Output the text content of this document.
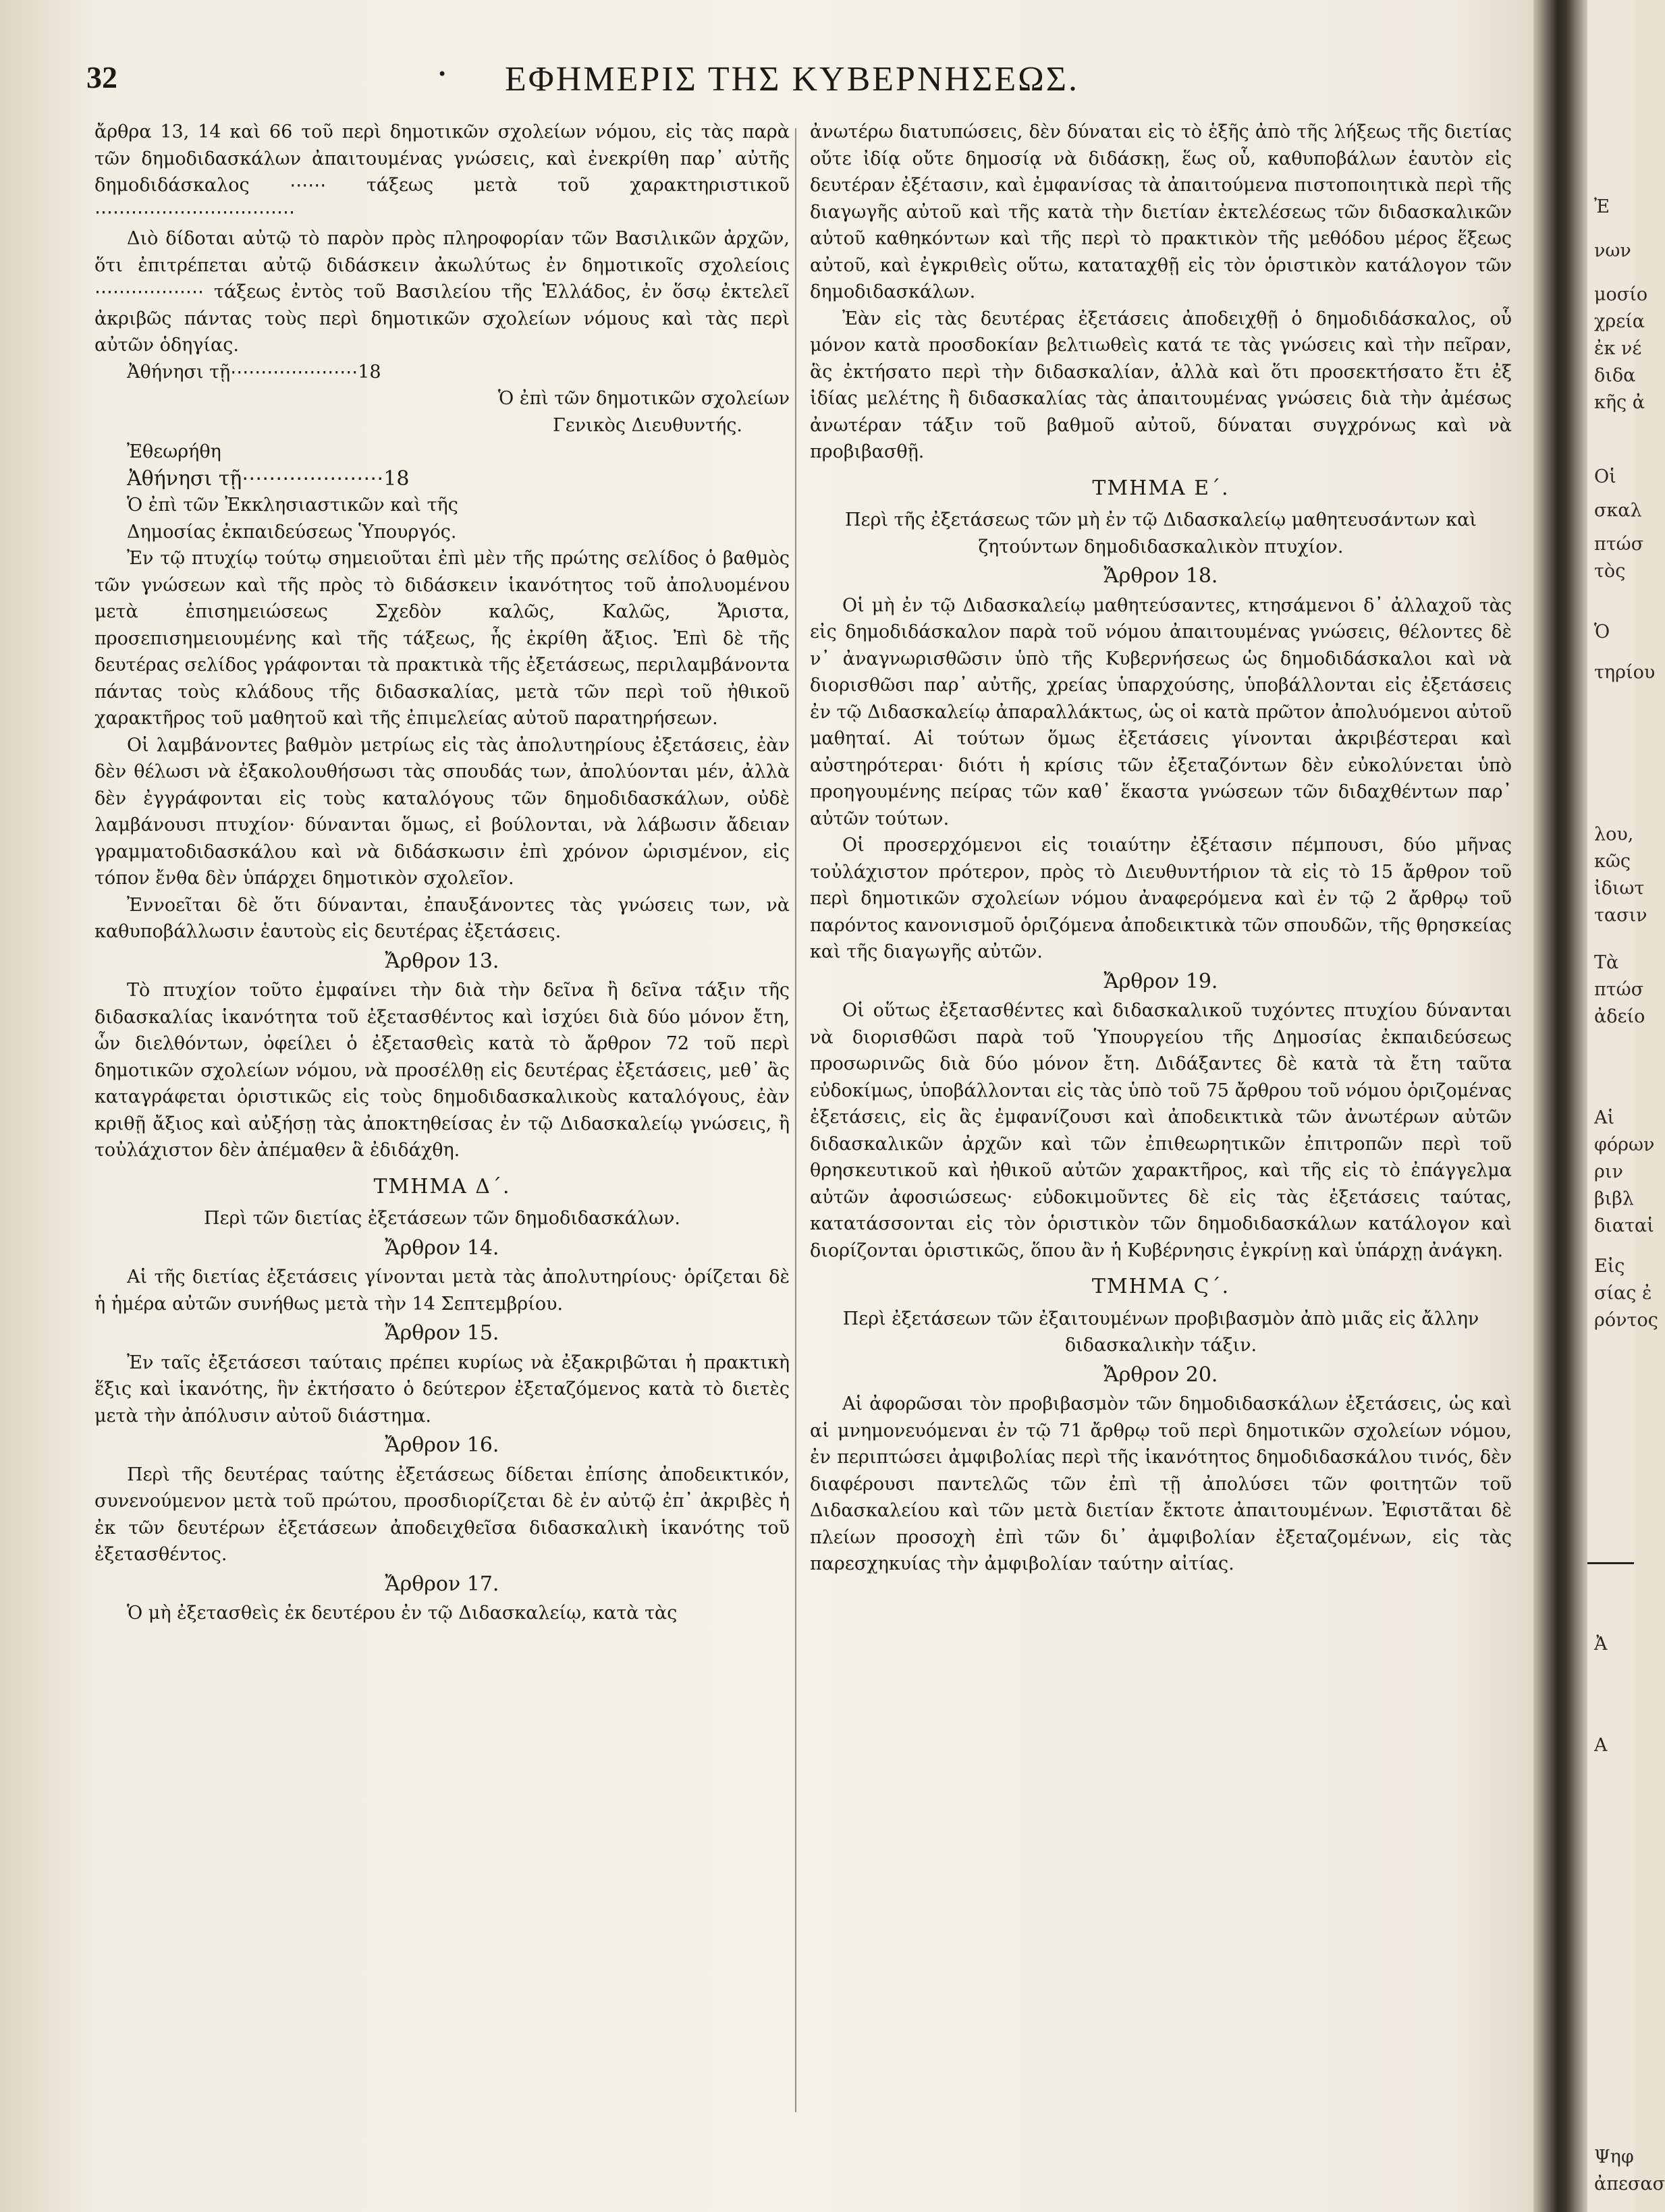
32	• ΕΦΗΜΕΡΙΣ ΤΗΣ ΚΥΒΕΡΝΗΣΕΩΣ.

ἄρθρα 13, 14 καὶ 66 τοῦ περὶ δημοτικῶν σχολείων νόμου, εἰς τὰς παρὰ τῶν δημοδιδασκάλων ἀπαιτουμένας γνώσεις, καὶ ἐνεκρίθη παρ᾽ αὐτῆς δημοδιδάσκαλος ⋯⋯ τάξεως μετὰ τοῦ χαρακτηριστικοῦ ⋯⋯⋯⋯⋯⋯⋯⋯⋯⋯⋯

Διὸ δίδοται αὐτῷ τὸ παρὸν πρὸς πληροφορίαν τῶν Βασιλικῶν ἀρχῶν, ὅτι ἐπιτρέπεται αὐτῷ διδάσκειν ἀκωλύτως ἐν δημοτικοῖς σχολείοις ⋯⋯⋯⋯⋯⋯ τάξεως ἐντὸς τοῦ Βασιλείου τῆς Ἑλλάδος, ἐν ὅσῳ ἐκτελεῖ ἀκριβῶς πάντας τοὺς περὶ δημοτικῶν σχολείων νόμους καὶ τὰς περὶ αὐτῶν ὁδηγίας.

Ἀθήνησι τῇ⋯⋯⋯⋯⋯⋯⋯18

Ὁ ἐπὶ τῶν δημοτικῶν σχολείων

Γενικὸς Διευθυντής.

Ἐθεωρήθη

Ἀθήνησι τῇ⋯⋯⋯⋯⋯⋯⋯18

Ὁ ἐπὶ τῶν Ἐκκλησιαστικῶν καὶ τῆς

Δημοσίας ἐκπαιδεύσεως Ὑπουργός.

Ἐν τῷ πτυχίῳ τούτῳ σημειοῦται ἐπὶ μὲν τῆς πρώτης σελίδος ὁ βαθμὸς τῶν γνώσεων καὶ τῆς πρὸς τὸ διδάσκειν ἱκανότητος τοῦ ἀπολυομένου μετὰ ἐπισημειώσεως Σχεδὸν καλῶς, Καλῶς, Ἄριστα, προσεπισημειουμένης καὶ τῆς τάξεως, ἧς ἐκρίθη ἄξιος. Ἐπὶ δὲ τῆς δευτέρας σελίδος γράφονται τὰ πρακτικὰ τῆς ἐξετάσεως, περιλαμβάνοντα πάντας τοὺς κλάδους τῆς διδασκαλίας, μετὰ τῶν περὶ τοῦ ἠθικοῦ χαρακτῆρος τοῦ μαθητοῦ καὶ τῆς ἐπιμελείας αὐτοῦ παρατηρήσεων.

Οἱ λαμβάνοντες βαθμὸν μετρίως εἰς τὰς ἀπολυτηρίους ἐξετάσεις, ἐὰν δὲν θέλωσι νὰ ἐξακολουθήσωσι τὰς σπουδάς των, ἀπολύονται μέν, ἀλλὰ δὲν ἐγγράφονται εἰς τοὺς καταλόγους τῶν δημοδιδασκάλων, οὐδὲ λαμβάνουσι πτυχίον· δύνανται ὅμως, εἰ βούλονται, νὰ λάβωσιν ἄδειαν γραμματοδιδασκάλου καὶ νὰ διδάσκωσιν ἐπὶ χρόνον ὡρισμένον, εἰς τόπον ἔνθα δὲν ὑπάρχει δημοτικὸν σχολεῖον.

Ἐννοεῖται δὲ ὅτι δύνανται, ἐπαυξάνοντες τὰς γνώσεις των, νὰ καθυποβάλλωσιν ἑαυτοὺς εἰς δευτέρας ἐξετάσεις.

Ἄρθρον 13.

Τὸ πτυχίον τοῦτο ἐμφαίνει τὴν διὰ τὴν δεῖνα ἢ δεῖνα τάξιν τῆς διδασκαλίας ἱκανότητα τοῦ ἐξετασθέντος καὶ ἰσχύει διὰ δύο μόνον ἔτη, ὧν διελθόντων, ὀφείλει ὁ ἐξετασθεὶς κατὰ τὸ ἄρθρον 72 τοῦ περὶ δημοτικῶν σχολείων νόμου, νὰ προσέλθῃ εἰς δευτέρας ἐξετάσεις, μεθ᾽ ἃς καταγράφεται ὁριστικῶς εἰς τοὺς δημοδιδασκαλικοὺς καταλόγους, ἐὰν κριθῇ ἄξιος καὶ αὐξήσῃ τὰς ἀποκτηθείσας ἐν τῷ Διδασκαλείῳ γνώσεις, ἢ τοὐλάχιστον δὲν ἀπέμαθεν ἃ ἐδιδάχθη.

ΤΜΗΜΑ Δ΄.

Περὶ τῶν διετίας ἐξετάσεων τῶν δημοδιδασκάλων.

Ἄρθρον 14.

Αἱ τῆς διετίας ἐξετάσεις γίνονται μετὰ τὰς ἀπολυτηρίους· ὁρίζεται δὲ ἡ ἡμέρα αὐτῶν συνήθως μετὰ τὴν 14 Σεπτεμβρίου.

Ἄρθρον 15.

Ἐν ταῖς ἐξετάσεσι ταύταις πρέπει κυρίως νὰ ἐξακριβῶται ἡ πρακτικὴ ἕξις καὶ ἱκανότης, ἣν ἐκτήσατο ὁ δεύτερον ἐξεταζόμενος κατὰ τὸ διετὲς μετὰ τὴν ἀπόλυσιν αὐτοῦ διάστημα.

Ἄρθρον 16.

Περὶ τῆς δευτέρας ταύτης ἐξετάσεως δίδεται ἐπίσης ἀποδεικτικόν, συνενούμενον μετὰ τοῦ πρώτου, προσδιορίζεται δὲ ἐν αὐτῷ ἐπ᾽ ἀκριβὲς ἡ ἐκ τῶν δευτέρων ἐξετάσεων ἀποδειχθεῖσα διδασκαλικὴ ἱκανότης τοῦ ἐξετασθέντος.

Ἄρθρον 17.

Ὁ μὴ ἐξετασθεὶς ἐκ δευτέρου ἐν τῷ Διδασκαλείῳ, κατὰ τὰς

ἀνωτέρω διατυπώσεις, δὲν δύναται εἰς τὸ ἑξῆς ἀπὸ τῆς λήξεως τῆς διετίας οὔτε ἰδίᾳ οὔτε δημοσίᾳ νὰ διδάσκῃ, ἕως οὗ, καθυποβάλων ἑαυτὸν εἰς δευτέραν ἐξέτασιν, καὶ ἐμφανίσας τὰ ἀπαιτούμενα πιστοποιητικὰ περὶ τῆς διαγωγῆς αὐτοῦ καὶ τῆς κατὰ τὴν διετίαν ἐκτελέσεως τῶν διδασκαλικῶν αὐτοῦ καθηκόντων καὶ τῆς περὶ τὸ πρακτικὸν τῆς μεθόδου μέρος ἕξεως αὐτοῦ, καὶ ἐγκριθεὶς οὕτω, καταταχθῇ εἰς τὸν ὁριστικὸν κατάλογον τῶν δημοδιδασκάλων.

Ἐὰν εἰς τὰς δευτέρας ἐξετάσεις ἀποδειχθῇ ὁ δημοδιδάσκαλος, οὗ μόνον κατὰ προσδοκίαν βελτιωθεὶς κατά τε τὰς γνώσεις καὶ τὴν πεῖραν, ἃς ἐκτήσατο περὶ τὴν διδασκαλίαν, ἀλλὰ καὶ ὅτι προσεκτήσατο ἔτι ἐξ ἰδίας μελέτης ἢ διδασκαλίας τὰς ἀπαιτουμένας γνώσεις διὰ τὴν ἀμέσως ἀνωτέραν τάξιν τοῦ βαθμοῦ αὐτοῦ, δύναται συγχρόνως καὶ νὰ προβιβασθῇ.

ΤΜΗΜΑ Ε΄.

Περὶ τῆς ἐξετάσεως τῶν μὴ ἐν τῷ Διδασκαλείῳ μαθητευσάντων καὶ ζητούντων δημοδιδασκαλικὸν πτυχίον.

Ἄρθρον 18.

Οἱ μὴ ἐν τῷ Διδασκαλείῳ μαθητεύσαντες, κτησάμενοι δ᾽ ἀλλαχοῦ τὰς εἰς δημοδιδάσκαλον παρὰ τοῦ νόμου ἀπαιτουμένας γνώσεις, θέλοντες δὲ ν᾽ ἀναγνωρισθῶσιν ὑπὸ τῆς Κυβερνήσεως ὡς δημοδιδάσκαλοι καὶ νὰ διορισθῶσι παρ᾽ αὐτῆς, χρείας ὑπαρχούσης, ὑποβάλλονται εἰς ἐξετάσεις ἐν τῷ Διδασκαλείῳ ἀπαραλλάκτως, ὡς οἱ κατὰ πρῶτον ἀπολυόμενοι αὐτοῦ μαθηταί. Αἱ τούτων ὅμως ἐξετάσεις γίνονται ἀκριβέστεραι καὶ αὐστηρότεραι· διότι ἡ κρίσις τῶν ἐξεταζόντων δὲν εὐκολύνεται ὑπὸ προηγουμένης πείρας τῶν καθ᾽ ἕκαστα γνώσεων τῶν διδαχθέντων παρ᾽ αὐτῶν τούτων.

Οἱ προσερχόμενοι εἰς τοιαύτην ἐξέτασιν πέμπουσι, δύο μῆνας τοὐλάχιστον πρότερον, πρὸς τὸ Διευθυντήριον τὰ εἰς τὸ 15 ἄρθρον τοῦ περὶ δημοτικῶν σχολείων νόμου ἀναφερόμενα καὶ ἐν τῷ 2 ἄρθρῳ τοῦ παρόντος κανονισμοῦ ὁριζόμενα ἀποδεικτικὰ τῶν σπουδῶν, τῆς θρησκείας καὶ τῆς διαγωγῆς αὐτῶν.

Ἄρθρον 19.

Οἱ οὕτως ἐξετασθέντες καὶ διδασκαλικοῦ τυχόντες πτυχίου δύνανται νὰ διορισθῶσι παρὰ τοῦ Ὑπουργείου τῆς Δημοσίας ἐκπαιδεύσεως προσωρινῶς διὰ δύο μόνον ἔτη. Διδάξαντες δὲ κατὰ τὰ ἔτη ταῦτα εὐδοκίμως, ὑποβάλλονται εἰς τὰς ὑπὸ τοῦ 75 ἄρθρου τοῦ νόμου ὁριζομένας ἐξετάσεις, εἰς ἃς ἐμφανίζουσι καὶ ἀποδεικτικὰ τῶν ἀνωτέρων αὐτῶν διδασκαλικῶν ἀρχῶν καὶ τῶν ἐπιθεωρητικῶν ἐπιτροπῶν περὶ τοῦ θρησκευτικοῦ καὶ ἠθικοῦ αὐτῶν χαρακτῆρος, καὶ τῆς εἰς τὸ ἐπάγγελμα αὐτῶν ἀφοσιώσεως· εὐδοκιμοῦντες δὲ εἰς τὰς ἐξετάσεις ταύτας, κατατάσσονται εἰς τὸν ὁριστικὸν τῶν δημοδιδασκάλων κατάλογον καὶ διορίζονται ὁριστικῶς, ὅπου ἂν ἡ Κυβέρνησις ἐγκρίνῃ καὶ ὑπάρχῃ ἀνάγκη.

ΤΜΗΜΑ Ϛ΄.

Περὶ ἐξετάσεων τῶν ἐξαιτουμένων προβιβασμὸν ἀπὸ μιᾶς εἰς ἄλλην διδασκαλικὴν τάξιν.

Ἄρθρον 20.

Αἱ ἀφορῶσαι τὸν προβιβασμὸν τῶν δημοδιδασκάλων ἐξετάσεις, ὡς καὶ αἱ μνημονευόμεναι ἐν τῷ 71 ἄρθρῳ τοῦ περὶ δημοτικῶν σχολείων νόμου, ἐν περιπτώσει ἀμφιβολίας περὶ τῆς ἱκανότητος δημοδιδασκάλου τινός, δὲν διαφέρουσι παντελῶς τῶν ἐπὶ τῇ ἀπολύσει τῶν φοιτητῶν τοῦ Διδασκαλείου καὶ τῶν μετὰ διετίαν ἔκτοτε ἀπαιτουμένων. Ἐφιστᾶται δὲ πλείων προσοχὴ ἐπὶ τῶν δι᾽ ἀμφιβολίαν ἐξεταζομένων, εἰς τὰς παρεσχηκυίας τὴν ἀμφιβολίαν ταύτην αἰτίας.

Ἐ
νων
μοσίο
χρεία
ἐκ νέ
διδα
κῆς ἀ
Οἱ
σκαλ
πτώσ
τὸς
Ὁ
τηρίου
λου,
κῶς
ἰδιωτ
τασιν
Τὰ
πτώσ
ἀδείο
Αἱ
φόρων
ριν
βιβλ
διαταἱ
Εἰς
σίας ἐ
ρόντος
Ἀ
Α
Ψηφ
ἀπεσασ
